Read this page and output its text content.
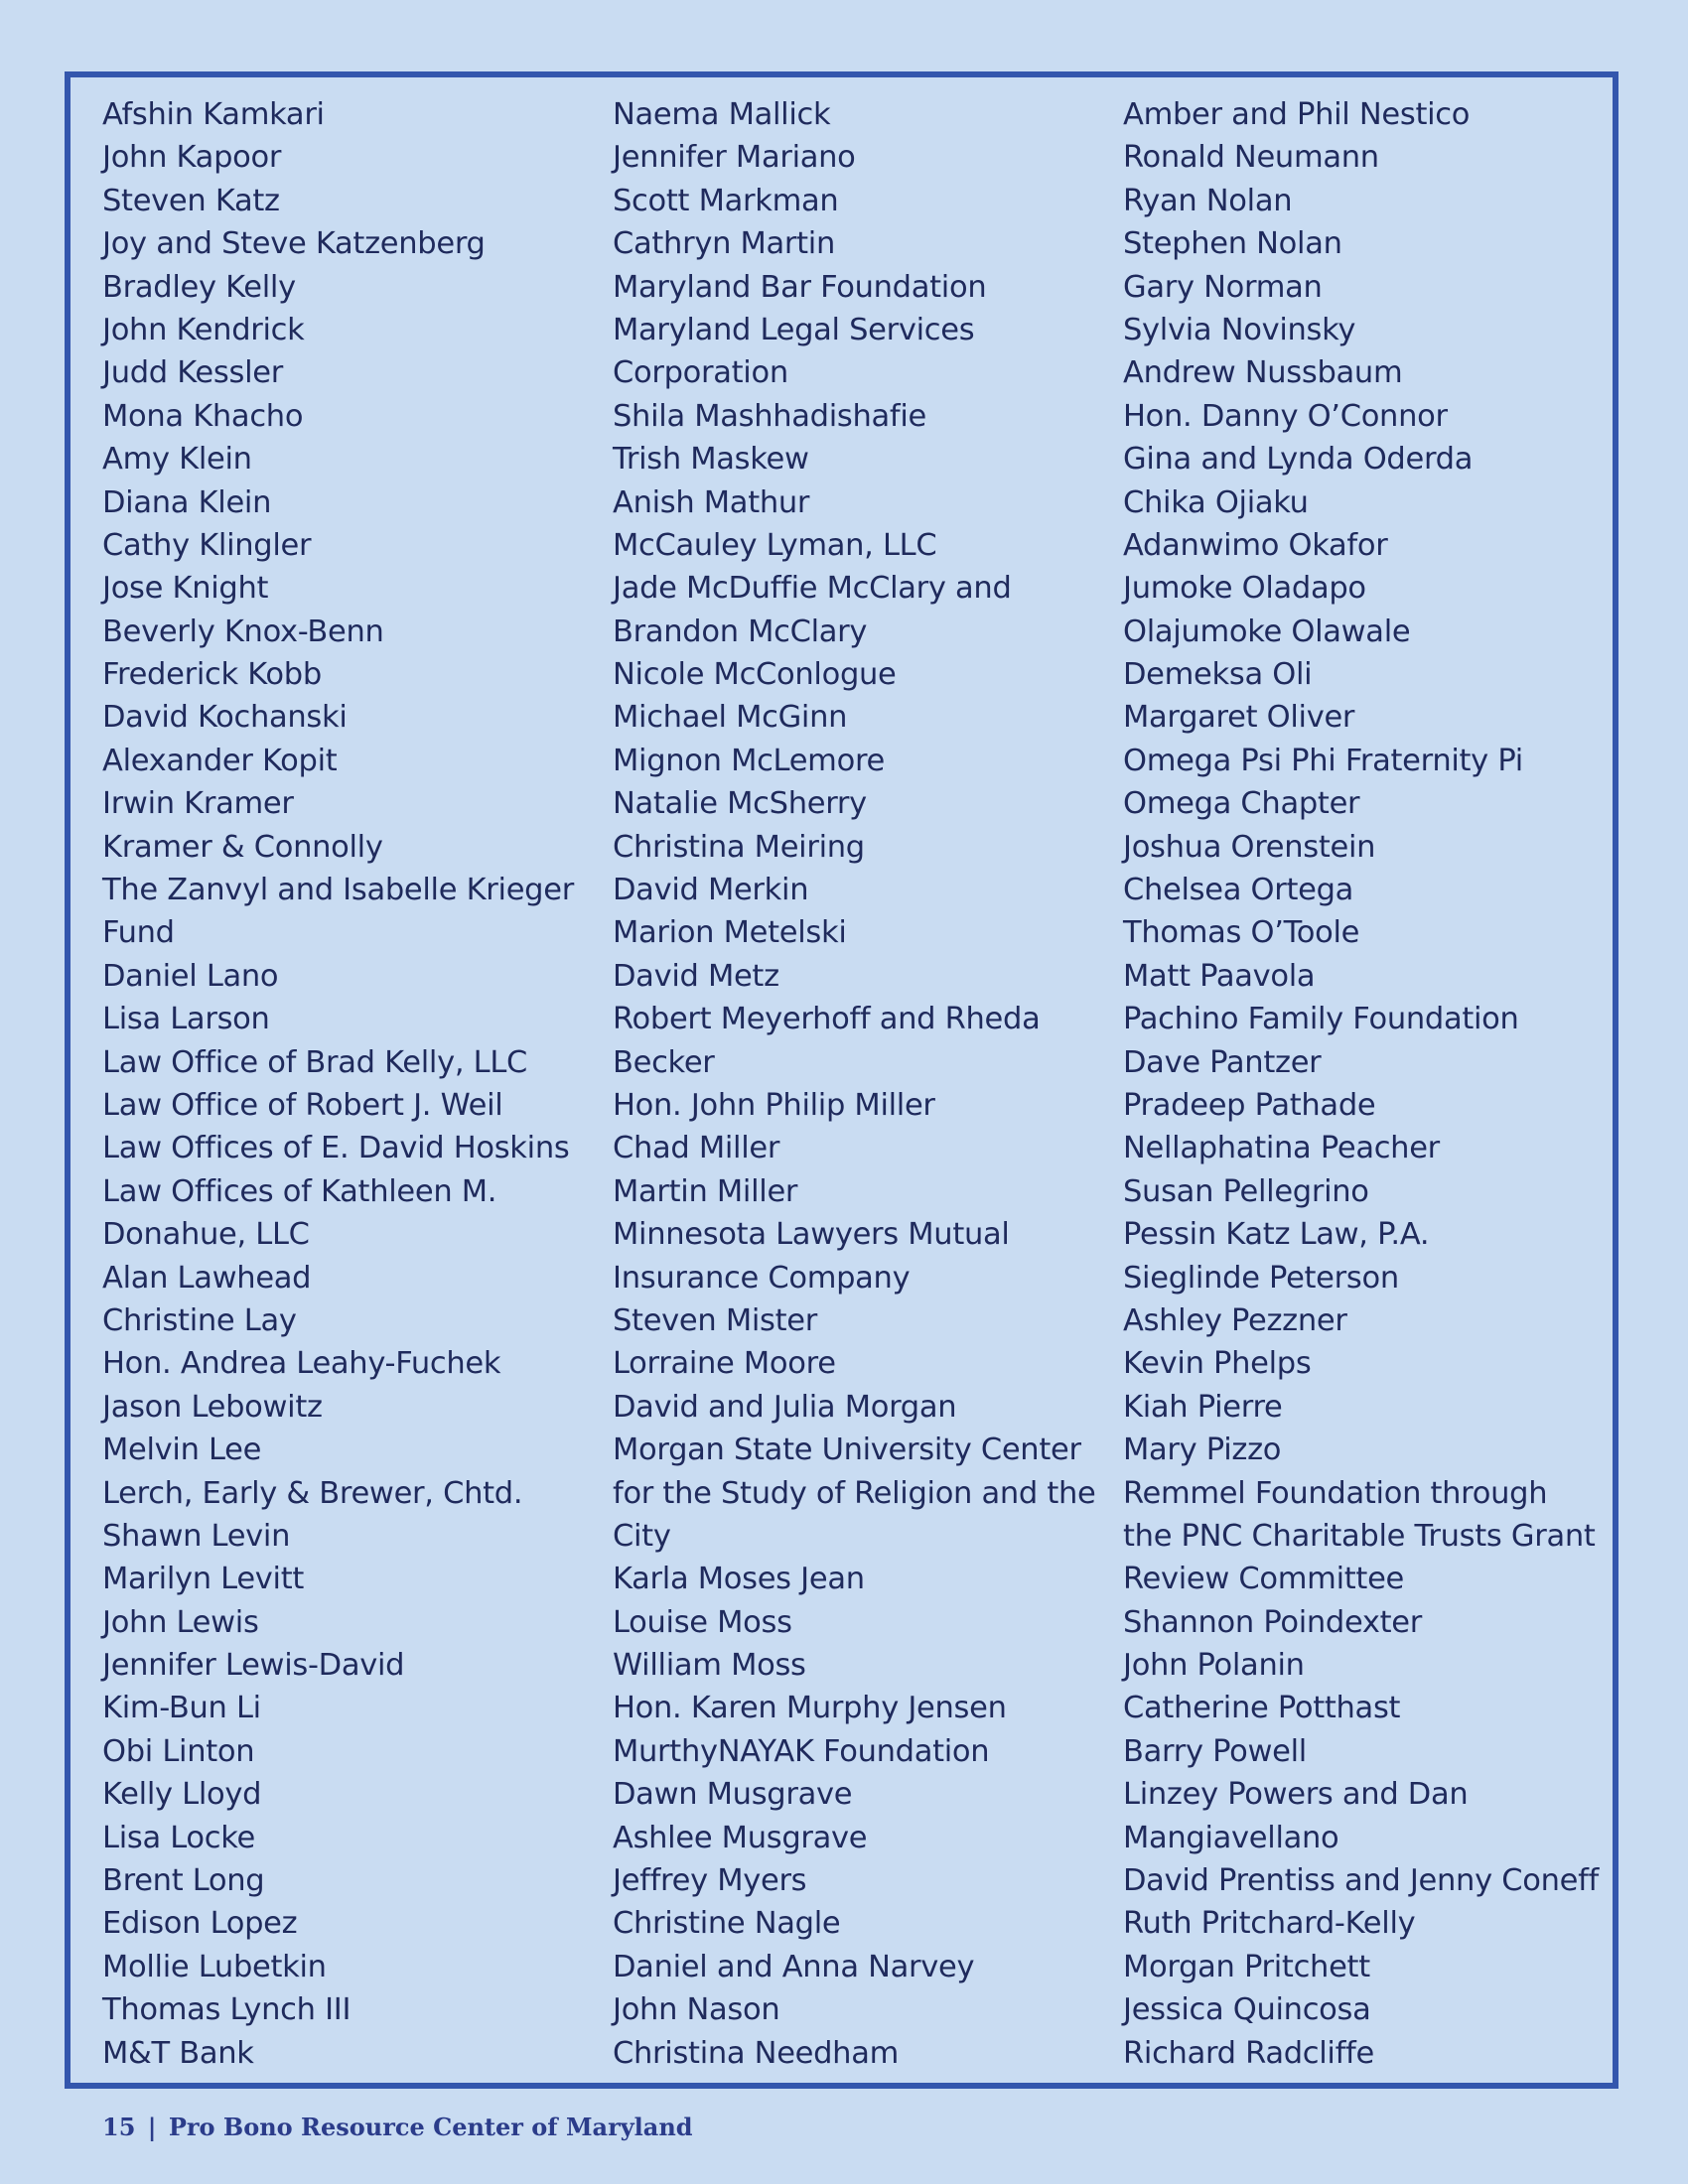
Afshin Kamkari
John Kapoor
Steven Katz
Joy and Steve Katzenberg
Bradley Kelly
John Kendrick
Judd Kessler
Mona Khacho
Amy Klein
Diana Klein
Cathy Klingler
Jose Knight
Beverly Knox-Benn
Frederick Kobb
David Kochanski
Alexander Kopit
Irwin Kramer
Kramer & Connolly
The Zanvyl and Isabelle Krieger
Fund
Daniel Lano
Lisa Larson
Law Office of Brad Kelly, LLC
Law Office of Robert J. Weil
Law Offices of E. David Hoskins
Law Offices of Kathleen M.
Donahue, LLC
Alan Lawhead
Christine Lay
Hon. Andrea Leahy-Fuchek
Jason Lebowitz
Melvin Lee
Lerch, Early & Brewer, Chtd.
Shawn Levin
Marilyn Levitt
John Lewis
Jennifer Lewis-David
Kim-Bun Li
Obi Linton
Kelly Lloyd
Lisa Locke
Brent Long
Edison Lopez
Mollie Lubetkin
Thomas Lynch III
M&T Bank
Naema Mallick
Jennifer Mariano
Scott Markman
Cathryn Martin
Maryland Bar Foundation
Maryland Legal Services
Corporation
Shila Mashhadishafie
Trish Maskew
Anish Mathur
McCauley Lyman, LLC
Jade McDuffie McClary and
Brandon McClary
Nicole McConlogue
Michael McGinn
Mignon McLemore
Natalie McSherry
Christina Meiring
David Merkin
Marion Metelski
David Metz
Robert Meyerhoff and Rheda
Becker
Hon. John Philip Miller
Chad Miller
Martin Miller
Minnesota Lawyers Mutual
Insurance Company
Steven Mister
Lorraine Moore
David and Julia Morgan
Morgan State University Center
for the Study of Religion and the
City
Karla Moses Jean
Louise Moss
William Moss
Hon. Karen Murphy Jensen
MurthyNAYAK Foundation
Dawn Musgrave
Ashlee Musgrave
Jeffrey Myers
Christine Nagle
Daniel and Anna Narvey
John Nason
Christina Needham
Amber and Phil Nestico
Ronald Neumann
Ryan Nolan
Stephen Nolan
Gary Norman
Sylvia Novinsky
Andrew Nussbaum
Hon. Danny O’Connor
Gina and Lynda Oderda
Chika Ojiaku
Adanwimo Okafor
Jumoke Oladapo
Olajumoke Olawale
Demeksa Oli
Margaret Oliver
Omega Psi Phi Fraternity Pi
Omega Chapter
Joshua Orenstein
Chelsea Ortega
Thomas O’Toole
Matt Paavola
Pachino Family Foundation
Dave Pantzer
Pradeep Pathade
Nellaphatina Peacher
Susan Pellegrino
Pessin Katz Law, P.A.
Sieglinde Peterson
Ashley Pezzner
Kevin Phelps
Kiah Pierre
Mary Pizzo
Remmel Foundation through
the PNC Charitable Trusts Grant
Review Committee
Shannon Poindexter
John Polanin
Catherine Potthast
Barry Powell
Linzey Powers and Dan
Mangiavellano
David Prentiss and Jenny Coneff
Ruth Pritchard-Kelly
Morgan Pritchett
Jessica Quincosa
Richard Radcliffe
15 | Pro Bono Resource Center of Maryland
